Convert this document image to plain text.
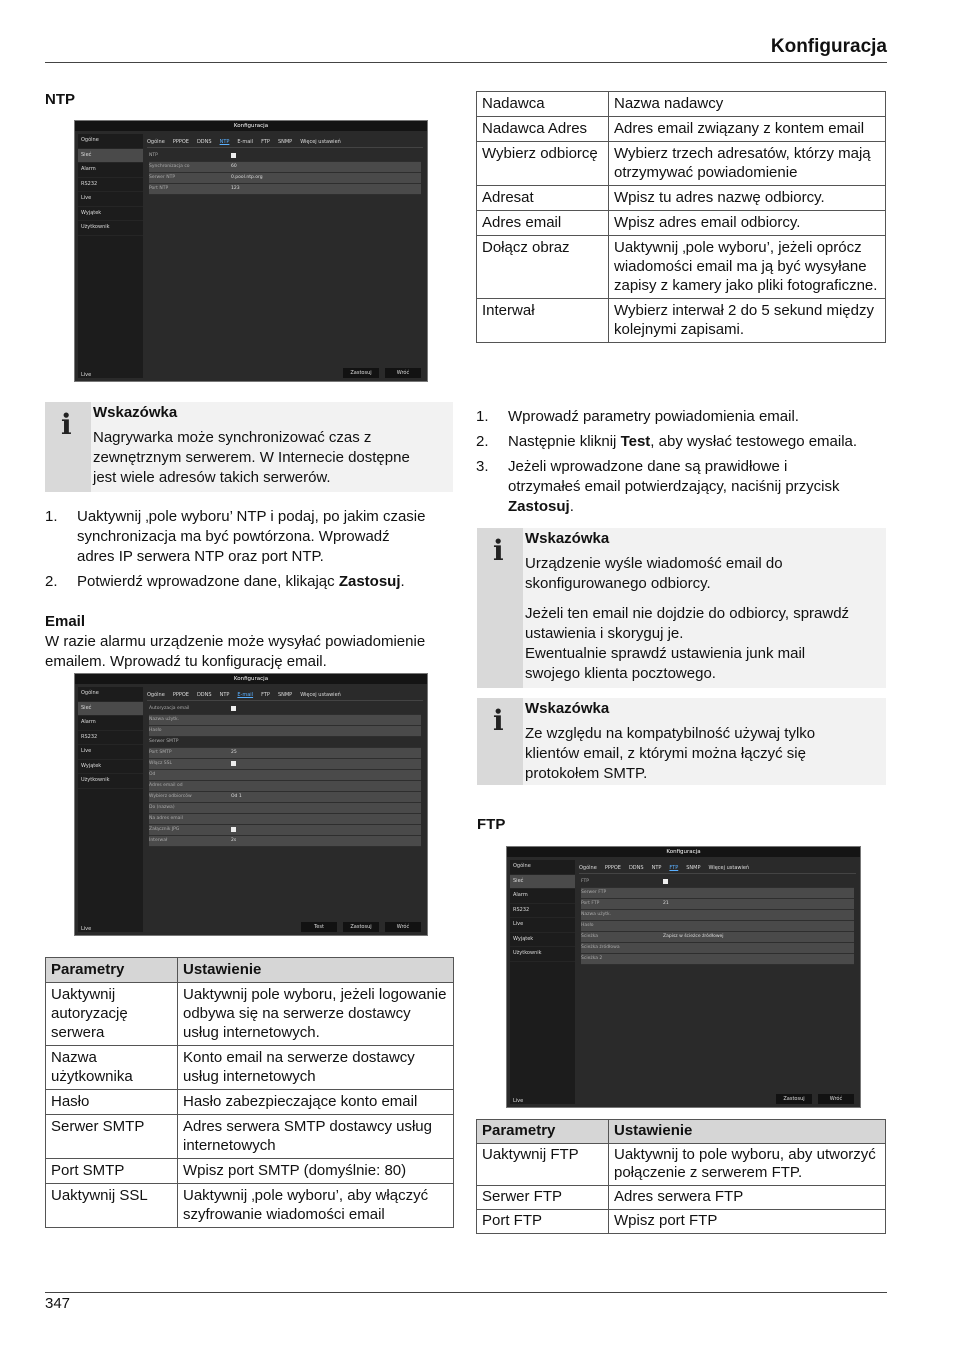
Konfiguracja
NTP
Konfiguracja
Ogólne
Sieć
Alarm
RS232
Live
Wyjątek
Użytkownik
Ogólne PPPOE DDNS NTP E-mail FTP SNMP Więcej ustawień
NTP
Synchronizacja co	60
Serwer NTP	0.pool.ntp.org
Port NTP	123
Live	Zastosuj	Wróć
i Wskazówka
Nagrywarka może synchronizować czas z
zewnętrznym serwerem. W Internecie dostępne
jest wiele adresów takich serwerów.
1. Uaktywnij ‚pole wyboru’ NTP i podaj, po jakim czasie
synchronizacja ma być powtórzona. Wprowadź
adres IP serwera NTP oraz port NTP.
2. Potwierdź wprowadzone dane, klikając Zastosuj.
Email
W razie alarmu urządzenie może wysyłać powiadomienie
emailem. Wprowadź tu konfigurację email.
Konfiguracja
Ogólne
Sieć
Alarm
RS232
Live
Wyjątek
Użytkownik
Ogólne PPPOE DDNS NTP E-mail FTP SNMP Więcej ustawień
Autoryzacja email
Nazwa użytk.
Hasło
Serwer SMTP
Port SMTP	25
Włącz SSL
Od
Adres email od
Wybierz odbiorców	Od 1
Do (nazwa)
Na adres email
Załącznik JPG
Interwał	2s
Live	Test	Zastosuj	Wróć
Parametry	Ustawienie
Uaktywnij autoryzację serwera	Uaktywnij pole wyboru, jeżeli logowanie odbywa się na serwerze dostawcy usług internetowych.
Nazwa użytkownika	Konto email na serwerze dostawcy usług internetowych
Hasło	Hasło zabezpieczające konto email
Serwer SMTP	Adres serwera SMTP dostawcy usług internetowych
Port SMTP	Wpisz port SMTP (domyślnie: 80)
Uaktywnij SSL	Uaktywnij ‚pole wyboru’, aby włączyć szyfrowanie wiadomości email
Nadawca	Nazwa nadawcy
Nadawca Adres	Adres email związany z kontem email
Wybierz odbiorcę	Wybierz trzech adresatów, którzy mają otrzymywać powiadomienie
Adresat	Wpisz tu adres nazwę odbiorcy.
Adres email	Wpisz adres email odbiorcy.
Dołącz obraz	Uaktywnij ‚pole wyboru’, jeżeli oprócz wiadomości email ma ją być wysyłane zapisy z kamery jako pliki fotograficzne.
Interwał	Wybierz interwał 2 do 5 sekund między kolejnymi zapisami.
1. Wprowadź parametry powiadomienia email.
2. Następnie kliknij Test, aby wysłać testowego emaila.
3. Jeżeli wprowadzone dane są prawidłowe i
otrzymałeś email potwierdzający, naciśnij przycisk
Zastosuj.
i Wskazówka
Urządzenie wyśle wiadomość email do
skonfigurowanego odbiorcy.
Jeżeli ten email nie dojdzie do odbiorcy, sprawdź
ustawienia i skoryguj je.
Ewentualnie sprawdź ustawienia junk mail
swojego klienta pocztowego.
i Wskazówka
Ze względu na kompatybilność używaj tylko
klientów email, z którymi można łączyć się
protokołem SMTP.
FTP
Konfiguracja
Ogólne
Sieć
Alarm
RS232
Live
Wyjątek
Użytkownik
Ogólne PPPOE DDNS NTP FTP SNMP Więcej ustawień
FTP
Serwer FTP
Port FTP	21
Nazwa użytk.
Hasło
Ścieżka	Zapisz w ścieżce źródłowej
Ścieżka źródłowa
Ścieżka 2
Live	Zastosuj	Wróć
Parametry	Ustawienie
Uaktywnij FTP	Uaktywnij to pole wyboru, aby utworzyć połączenie z serwerem FTP.
Serwer FTP	Adres serwera FTP
Port FTP	Wpisz port FTP
347
